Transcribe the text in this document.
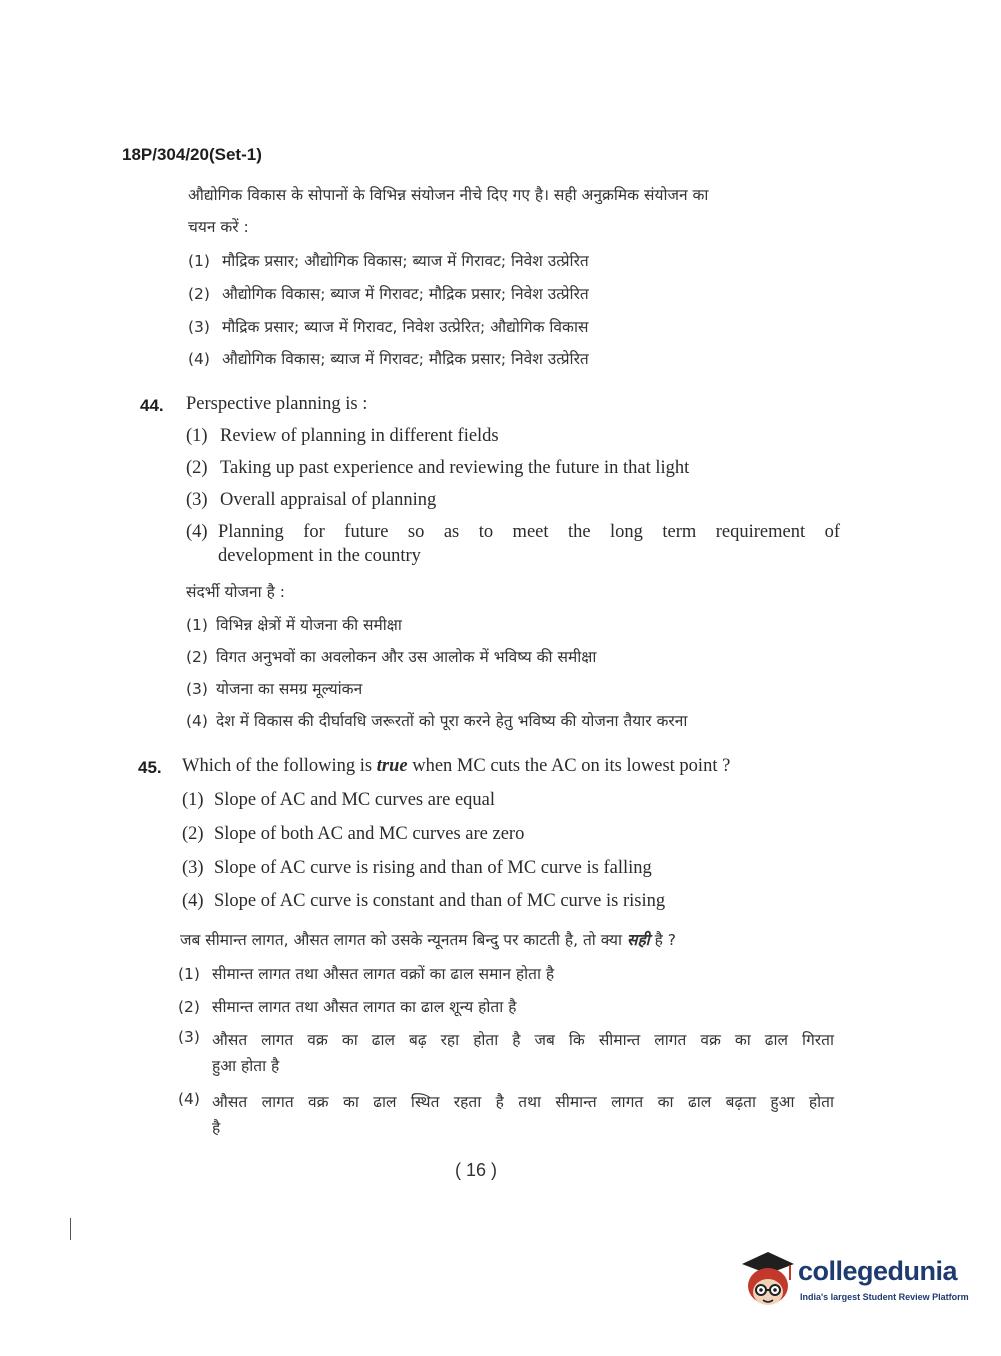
18P/304/20(Set-1)
औद्योगिक विकास के सोपानों के विभिन्न संयोजन नीचे दिए गए है। सही अनुक्रमिक संयोजन का
चयन करें :
(1) मौद्रिक प्रसार; औद्योगिक विकास; ब्याज में गिरावट; निवेश उत्प्रेरित
(2) औद्योगिक विकास; ब्याज में गिरावट; मौद्रिक प्रसार; निवेश उत्प्रेरित
(3) मौद्रिक प्रसार; ब्याज में गिरावट, निवेश उत्प्रेरित; औद्योगिक विकास
(4) औद्योगिक विकास; ब्याज में गिरावट; मौद्रिक प्रसार; निवेश उत्प्रेरित
44. Perspective planning is :
(1) Review of planning in different fields
(2) Taking up past experience and reviewing the future in that light
(3) Overall appraisal of planning
(4) Planning for future so as to meet the long term requirement of
development in the country
संदर्भी योजना है :
(1) विभिन्न क्षेत्रों में योजना की समीक्षा
(2) विगत अनुभवों का अवलोकन और उस आलोक में भविष्य की समीक्षा
(3) योजना का समग्र मूल्यांकन
(4) देश में विकास की दीर्घावधि जरूरतों को पूरा करने हेतु भविष्य की योजना तैयार करना
45. Which of the following is true when MC cuts the AC on its lowest point ?
(1) Slope of AC and MC curves are equal
(2) Slope of both AC and MC curves are zero
(3) Slope of AC curve is rising and than of MC curve is falling
(4) Slope of AC curve is constant and than of MC curve is rising
जब सीमान्त लागत, औसत लागत को उसके न्यूनतम बिन्दु पर काटती है, तो क्या सही है ?
(1) सीमान्त लागत तथा औसत लागत वक्रों का ढाल समान होता है
(2) सीमान्त लागत तथा औसत लागत का ढाल शून्य होता है
(3) औसत लागत वक्र का ढाल बढ़ रहा होता है जब कि सीमान्त लागत वक्र का ढाल गिरता
हुआ होता है
(4) औसत लागत वक्र का ढाल स्थित रहता है तथा सीमान्त लागत का ढाल बढ़ता हुआ होता
है
( 16 )
collegedunia
India's largest Student Review Platform
